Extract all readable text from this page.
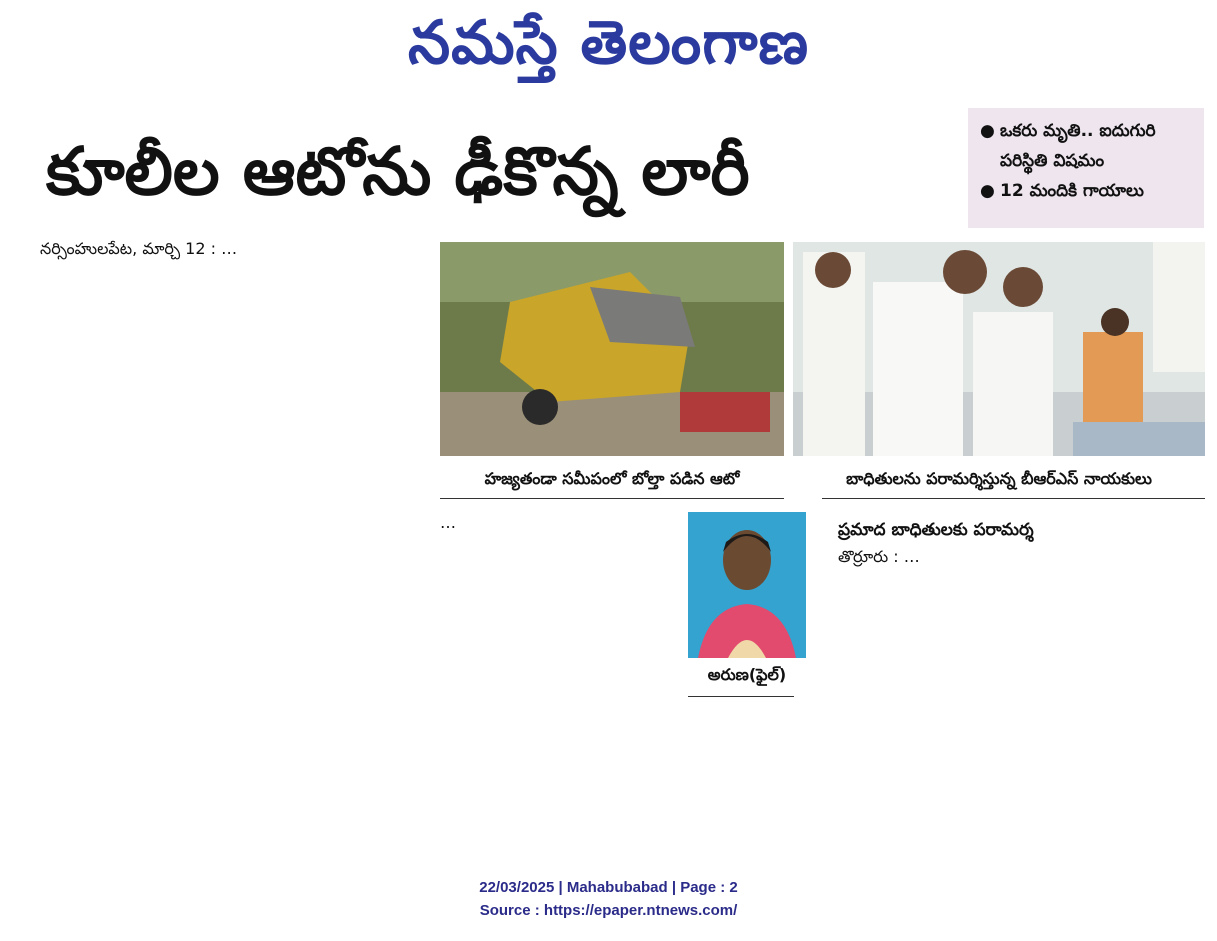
నమస్తే తెలంగాణ
కూలీల ఆటోను ఢీకొన్న లారీ
● ఒకరు మృతి.. ఐదుగురి పరిస్థితి విషమం
● 12 మందికి గాయాలు
నర్సింహులపేట, మార్చి 12 : …
హజ్యతండా సమీపంలో బోల్తా పడిన ఆటో	బాధితులను పరామర్శిస్తున్న బీఆర్ఎస్ నాయకులు
అరుణ(ఫైల్)
…	ప్రమాద బాధితులకు పరామర్శ
తొర్రూరు : …
22/03/2025 | Mahabubabad | Page : 2
Source : https://epaper.ntnews.com/
